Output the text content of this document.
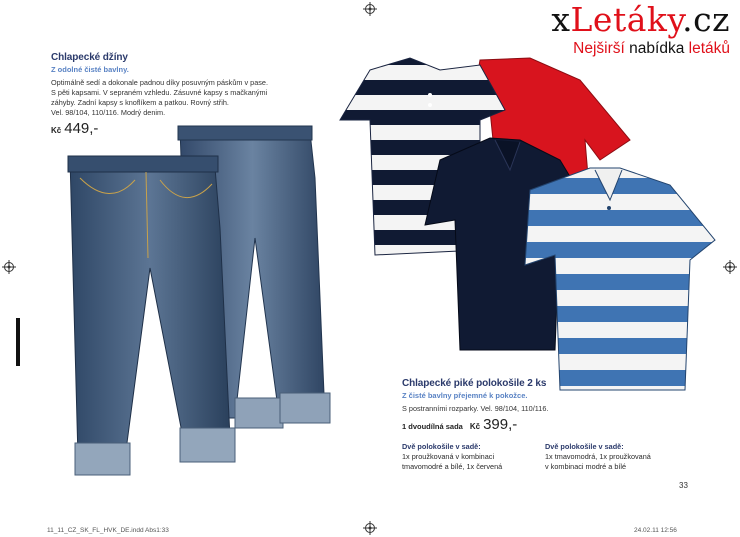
xLetáky.cz
Nejširší nabídka letáků
Chlapecké džíny
Z odolné čisté bavlny.
Optimálně sedí a dokonale padnou díky posuvným páskům v pase.
S pěti kapsami. V sepraném vzhledu. Zásuvné kapsy s mačkanými
záhyby. Zadní kapsy s knoflíkem a patkou. Rovný střih.
Vel. 98/104, 110/116. Modrý denim.
Kč 449,-
Chlapecké piké polokošile 2 ks
Z čisté bavlny přejemné k pokožce.
S postranními rozparky. Vel. 98/104, 110/116.
1 dvoudílná sada Kč 399,-
Dvě polokošile v sadě:
1x proužkovaná v kombinaci
tmavomodré a bílé, 1x červená
Dvě polokošile v sadě:
1x tmavomodrá, 1x proužkovaná
v kombinaci modré a bílé
33
11_11_CZ_SK_FL_HVK_DE.indd Abs1:33	24.02.11 12:56
